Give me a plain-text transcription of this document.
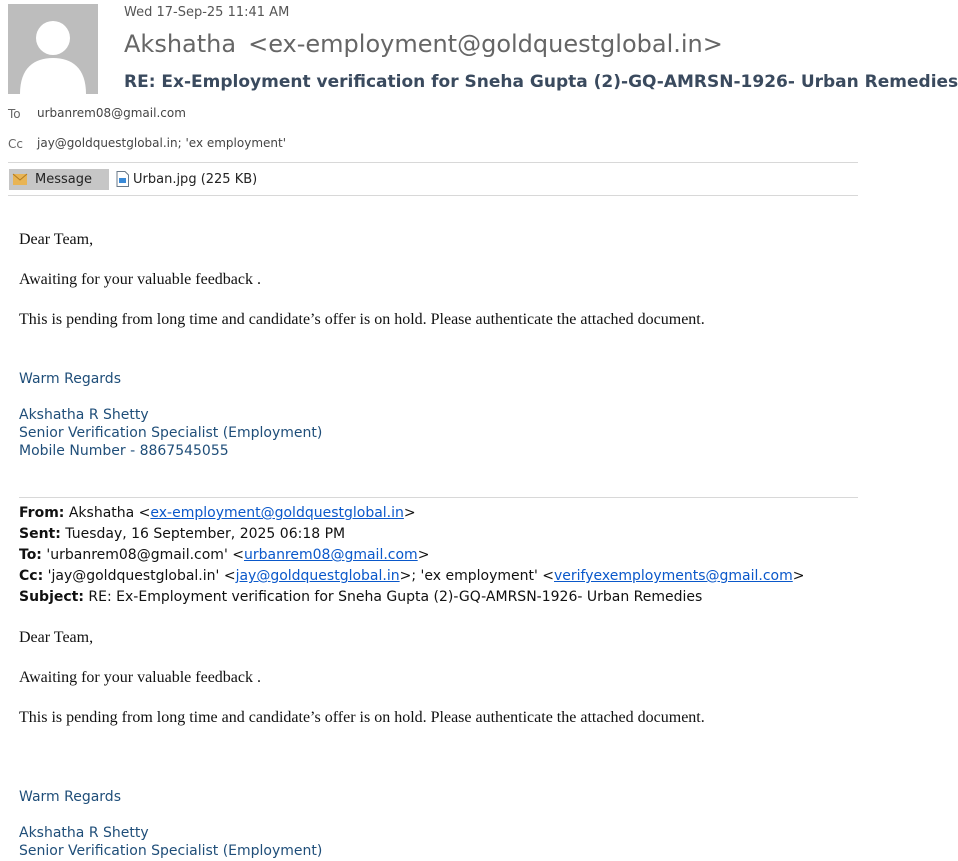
Wed 17-Sep-25 11:41 AM
Akshatha <ex-employment@goldquestglobal.in>
RE: Ex-Employment verification for Sneha Gupta (2)-GQ-AMRSN-1926- Urban Remedies
To urbanrem08@gmail.com
Cc jay@goldquestglobal.in; 'ex employment'
Message	Urban.jpg (225 KB)
Dear Team,
Awaiting for your valuable feedback .
This is pending from long time and candidate’s offer is on hold. Please authenticate the attached document.
Warm Regards
Akshatha R Shetty
Senior Verification Specialist (Employment)
Mobile Number - 8867545055
From: Akshatha <ex-employment@goldquestglobal.in>
Sent: Tuesday, 16 September, 2025 06:18 PM
To: 'urbanrem08@gmail.com' <urbanrem08@gmail.com>
Cc: 'jay@goldquestglobal.in' <jay@goldquestglobal.in>; 'ex employment' <verifyexemployments@gmail.com>
Subject: RE: Ex-Employment verification for Sneha Gupta (2)-GQ-AMRSN-1926- Urban Remedies
Dear Team,
Awaiting for your valuable feedback .
This is pending from long time and candidate’s offer is on hold. Please authenticate the attached document.
Warm Regards
Akshatha R Shetty
Senior Verification Specialist (Employment)
